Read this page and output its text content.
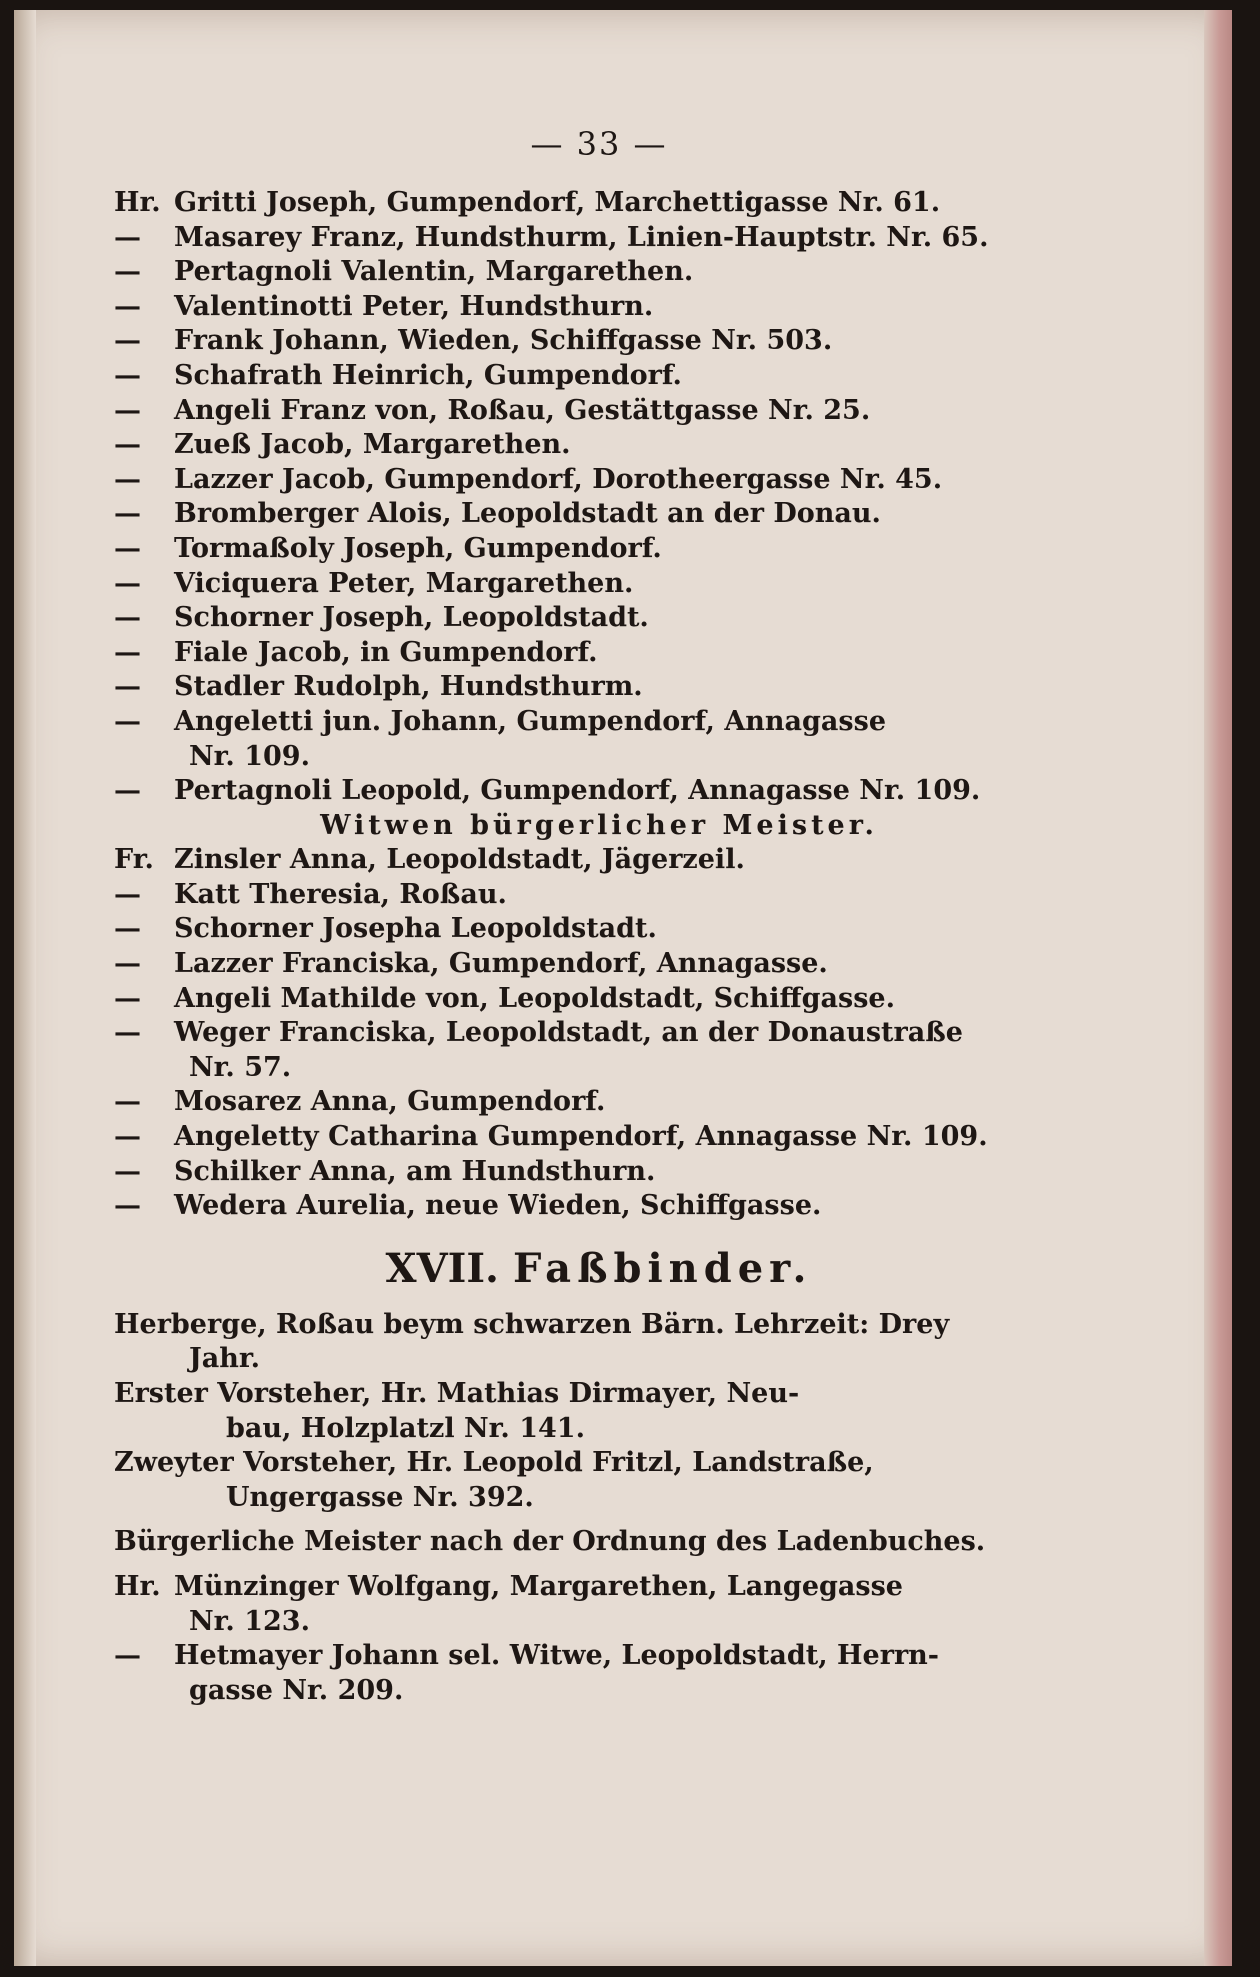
— 33 —
Hr. Gritti Joseph, Gumpendorf, Marchettigasse Nr. 61.
— Masarey Franz, Hundsthurm, Linien-Hauptstr. Nr. 65.
— Pertagnoli Valentin, Margarethen.
— Valentinotti Peter, Hundsthurn.
— Frank Johann, Wieden, Schiffgasse Nr. 503.
— Schafrath Heinrich, Gumpendorf.
— Angeli Franz von, Roßau, Gestättgasse Nr. 25.
— Zueß Jacob, Margarethen.
— Lazzer Jacob, Gumpendorf, Dorotheergasse Nr. 45.
— Bromberger Alois, Leopoldstadt an der Donau.
— Tormaßoly Joseph, Gumpendorf.
— Viciquera Peter, Margarethen.
— Schorner Joseph, Leopoldstadt.
— Fiale Jacob, in Gumpendorf.
— Stadler Rudolph, Hundsthurm.
— Angeletti jun. Johann, Gumpendorf, Annagasse
Nr. 109.
— Pertagnoli Leopold, Gumpendorf, Annagasse Nr. 109.
Witwen bürgerlicher Meister.
Fr. Zinsler Anna, Leopoldstadt, Jägerzeil.
— Katt Theresia, Roßau.
— Schorner Josepha Leopoldstadt.
— Lazzer Franciska, Gumpendorf, Annagasse.
— Angeli Mathilde von, Leopoldstadt, Schiffgasse.
— Weger Franciska, Leopoldstadt, an der Donaustraße
Nr. 57.
— Mosarez Anna, Gumpendorf.
— Angeletty Catharina Gumpendorf, Annagasse Nr. 109.
— Schilker Anna, am Hundsthurn.
— Wedera Aurelia, neue Wieden, Schiffgasse.
XVII. Faßbinder.
Herberge, Roßau beym schwarzen Bärn. Lehrzeit: Drey
Jahr.
Erster Vorsteher, Hr. Mathias Dirmayer, Neu-
bau, Holzplatzl Nr. 141.
Zweyter Vorsteher, Hr. Leopold Fritzl, Landstraße,
Ungergasse Nr. 392.
Bürgerliche Meister nach der Ordnung des Ladenbuches.
Hr. Münzinger Wolfgang, Margarethen, Langegasse
Nr. 123.
— Hetmayer Johann sel. Witwe, Leopoldstadt, Herrn-
gasse Nr. 209.
